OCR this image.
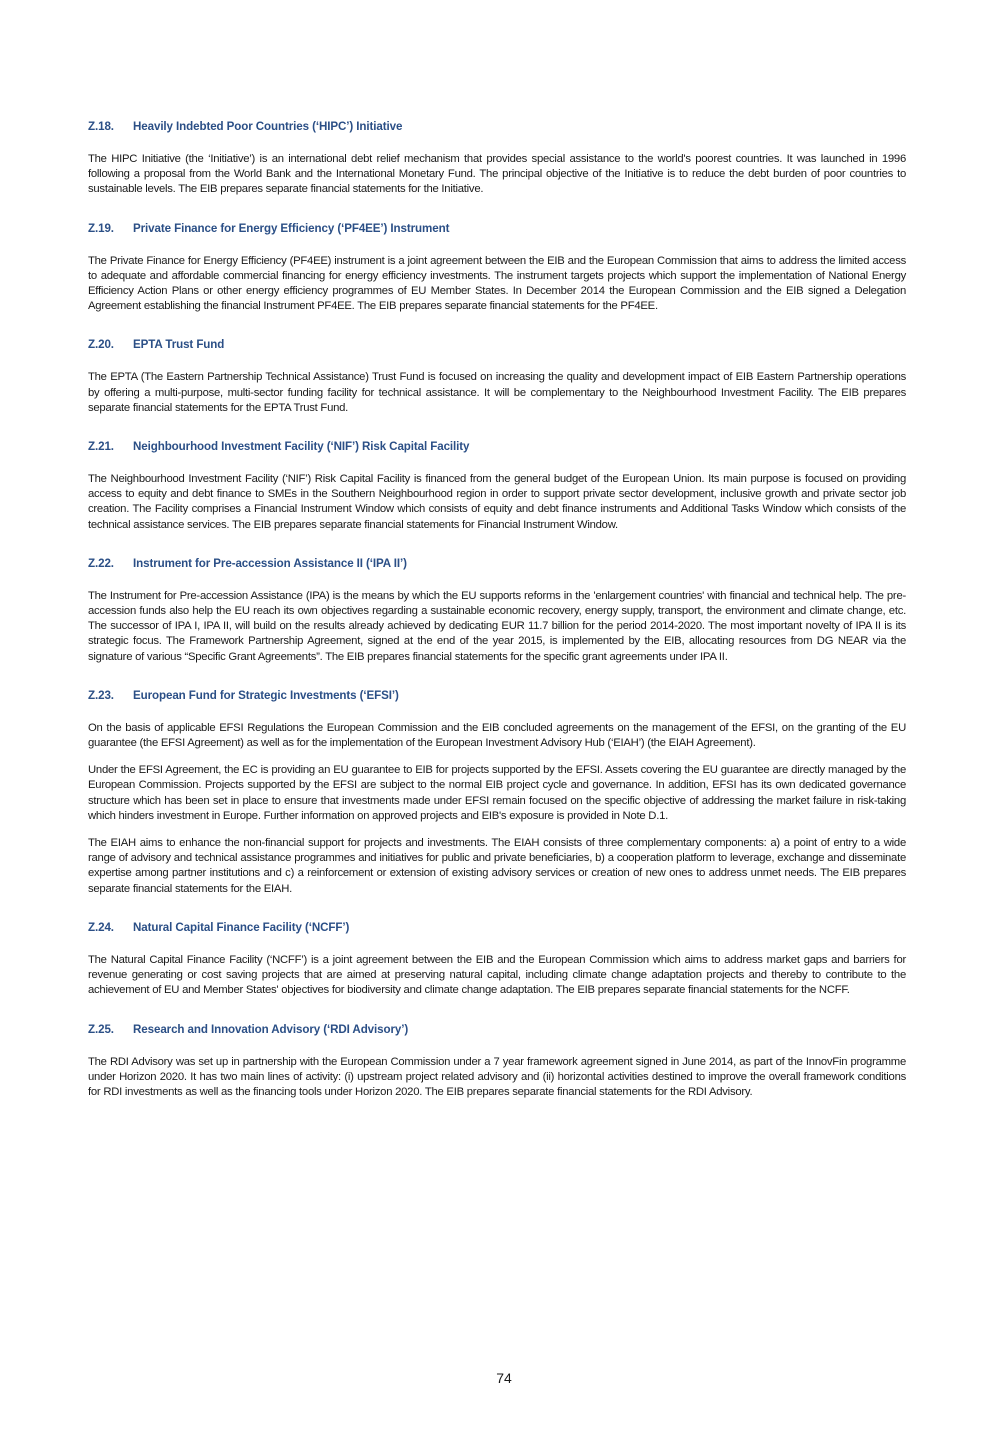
Z.18. Heavily Indebted Poor Countries (‘HIPC’) Initiative

The HIPC Initiative (the ‘Initiative’) is an international debt relief mechanism that provides special assistance to the world's poorest countries. It was launched in 1996 following a proposal from the World Bank and the International Monetary Fund. The principal objective of the Initiative is to reduce the debt burden of poor countries to sustainable levels. The EIB prepares separate financial statements for the Initiative.

Z.19. Private Finance for Energy Efficiency (‘PF4EE’) Instrument

The Private Finance for Energy Efficiency (PF4EE) instrument is a joint agreement between the EIB and the European Commission that aims to address the limited access to adequate and affordable commercial financing for energy efficiency investments. The instrument targets projects which support the implementation of National Energy Efficiency Action Plans or other energy efficiency programmes of EU Member States. In December 2014 the European Commission and the EIB signed a Delegation Agreement establishing the financial Instrument PF4EE. The EIB prepares separate financial statements for the PF4EE.

Z.20. EPTA Trust Fund

The EPTA (The Eastern Partnership Technical Assistance) Trust Fund is focused on increasing the quality and development impact of EIB Eastern Partnership operations by offering a multi-purpose, multi-sector funding facility for technical assistance. It will be complementary to the Neighbourhood Investment Facility. The EIB prepares separate financial statements for the EPTA Trust Fund.

Z.21. Neighbourhood Investment Facility (‘NIF’) Risk Capital Facility

The Neighbourhood Investment Facility (‘NIF’) Risk Capital Facility is financed from the general budget of the European Union. Its main purpose is focused on providing access to equity and debt finance to SMEs in the Southern Neighbourhood region in order to support private sector development, inclusive growth and private sector job creation. The Facility comprises a Financial Instrument Window which consists of equity and debt finance instruments and Additional Tasks Window which consists of the technical assistance services. The EIB prepares separate financial statements for Financial Instrument Window.

Z.22. Instrument for Pre-accession Assistance II (‘IPA II’)

The Instrument for Pre-accession Assistance (IPA) is the means by which the EU supports reforms in the 'enlargement countries' with financial and technical help. The pre-accession funds also help the EU reach its own objectives regarding a sustainable economic recovery, energy supply, transport, the environment and climate change, etc. The successor of IPA I, IPA II, will build on the results already achieved by dedicating EUR 11.7 billion for the period 2014-2020. The most important novelty of IPA II is its strategic focus. The Framework Partnership Agreement, signed at the end of the year 2015, is implemented by the EIB, allocating resources from DG NEAR via the signature of various “Specific Grant Agreements”. The EIB prepares financial statements for the specific grant agreements under IPA II.

Z.23. European Fund for Strategic Investments (‘EFSI’)

On the basis of applicable EFSI Regulations the European Commission and the EIB concluded agreements on the management of the EFSI, on the granting of the EU guarantee (the EFSI Agreement) as well as for the implementation of the European Investment Advisory Hub (‘EIAH’) (the EIAH Agreement).

Under the EFSI Agreement, the EC is providing an EU guarantee to EIB for projects supported by the EFSI. Assets covering the EU guarantee are directly managed by the European Commission. Projects supported by the EFSI are subject to the normal EIB project cycle and governance. In addition, EFSI has its own dedicated governance structure which has been set in place to ensure that investments made under EFSI remain focused on the specific objective of addressing the market failure in risk-taking which hinders investment in Europe. Further information on approved projects and EIB's exposure is provided in Note D.1.

The EIAH aims to enhance the non-financial support for projects and investments. The EIAH consists of three complementary components: a) a point of entry to a wide range of advisory and technical assistance programmes and initiatives for public and private beneficiaries, b) a cooperation platform to leverage, exchange and disseminate expertise among partner institutions and c) a reinforcement or extension of existing advisory services or creation of new ones to address unmet needs. The EIB prepares separate financial statements for the EIAH.

Z.24. Natural Capital Finance Facility (‘NCFF’)

The Natural Capital Finance Facility (‘NCFF’) is a joint agreement between the EIB and the European Commission which aims to address market gaps and barriers for revenue generating or cost saving projects that are aimed at preserving natural capital, including climate change adaptation projects and thereby to contribute to the achievement of EU and Member States' objectives for biodiversity and climate change adaptation. The EIB prepares separate financial statements for the NCFF.

Z.25. Research and Innovation Advisory (‘RDI Advisory’)

The RDI Advisory was set up in partnership with the European Commission under a 7 year framework agreement signed in June 2014, as part of the InnovFin programme under Horizon 2020. It has two main lines of activity: (i) upstream project related advisory and (ii) horizontal activities destined to improve the overall framework conditions for RDI investments as well as the financing tools under Horizon 2020. The EIB prepares separate financial statements for the RDI Advisory.

74
